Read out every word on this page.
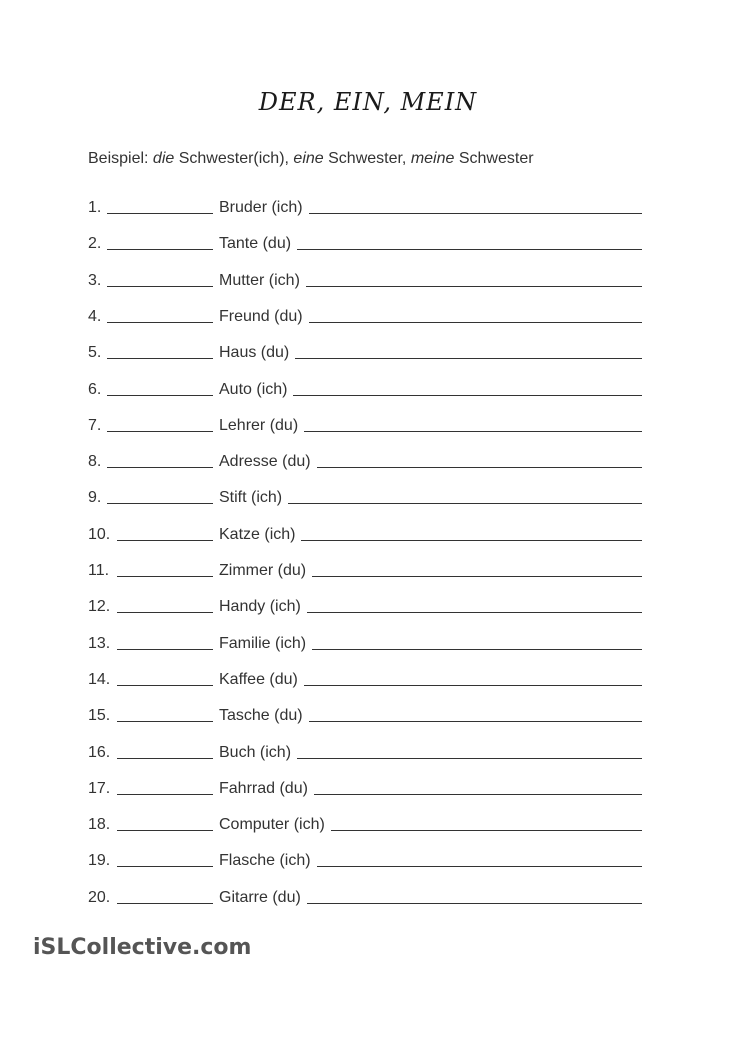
DER, EIN, MEIN
Beispiel: die Schwester(ich), eine Schwester, meine Schwester
1.	Bruder (ich)
2.	Tante (du)
3.	Mutter (ich)
4.	Freund (du)
5.	Haus (du)
6.	Auto (ich)
7.	Lehrer (du)
8.	Adresse (du)
9.	Stift (ich)
10.	Katze (ich)
11.	Zimmer (du)
12.	Handy (ich)
13.	Familie (ich)
14.	Kaffee (du)
15.	Tasche (du)
16.	Buch (ich)
17.	Fahrrad (du)
18.	Computer (ich)
19.	Flasche (ich)
20.	Gitarre (du)
iSLCollective.com
